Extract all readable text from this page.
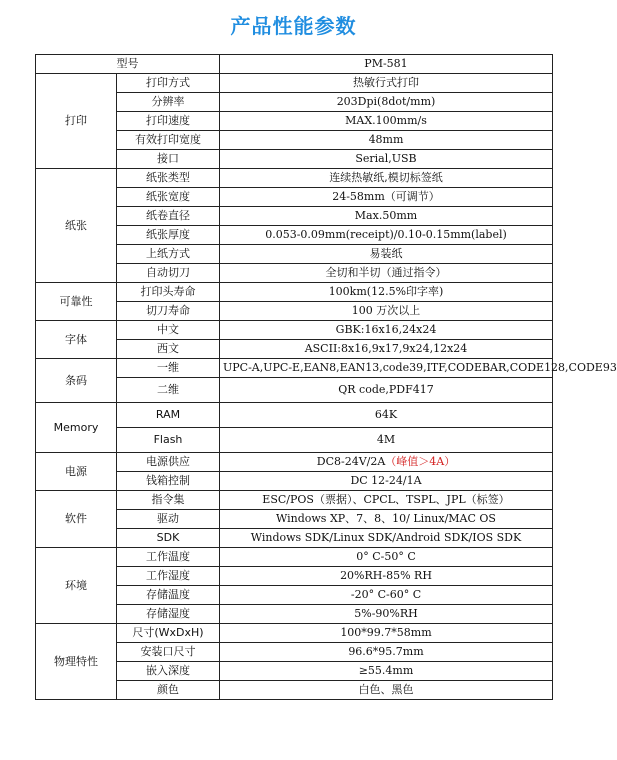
产品性能参数
型号		PM-581
打印	打印方式	热敏行式打印
	分辨率	203Dpi(8dot/mm)
	打印速度	MAX.100mm/s
	有效打印宽度	48mm
	接口	Serial,USB
纸张	纸张类型	连续热敏纸,模切标签纸
	纸张宽度	24-58mm（可调节）
	纸卷直径	Max.50mm
	纸张厚度	0.053-0.09mm(receipt)/0.10-0.15mm(label)
	上纸方式	易装纸
	自动切刀	全切和半切（通过指令）
可靠性	打印头寿命	100km(12.5%印字率)
	切刀寿命	100 万次以上
字体	中文	GBK:16x16,24x24
	西文	ASCII:8x16,9x17,9x24,12x24
条码	一维	UPC-A,UPC-E,EAN8,EAN13,code39,ITF,CODEBAR,CODE128,CODE93
	二维	QR code,PDF417
Memory	RAM	64K
	Flash	4M
电源	电源供应	DC8-24V/2A（峰值＞4A）
	钱箱控制	DC 12-24/1A
软件	指令集	ESC/POS（票据）、CPCL、TSPL、JPL（标签）
	驱动	Windows XP、7、8、10/ Linux/MAC OS
	SDK	Windows SDK/Linux SDK/Android SDK/IOS SDK
环境	工作温度	0° C-50° C
	工作湿度	20%RH-85% RH
	存储温度	-20° C-60° C
	存储湿度	5%-90%RH
物理特性	尺寸(WxDxH)	100*99.7*58mm
	安装口尺寸	96.6*95.7mm
	嵌入深度	≥55.4mm
	颜色	白色、黑色
